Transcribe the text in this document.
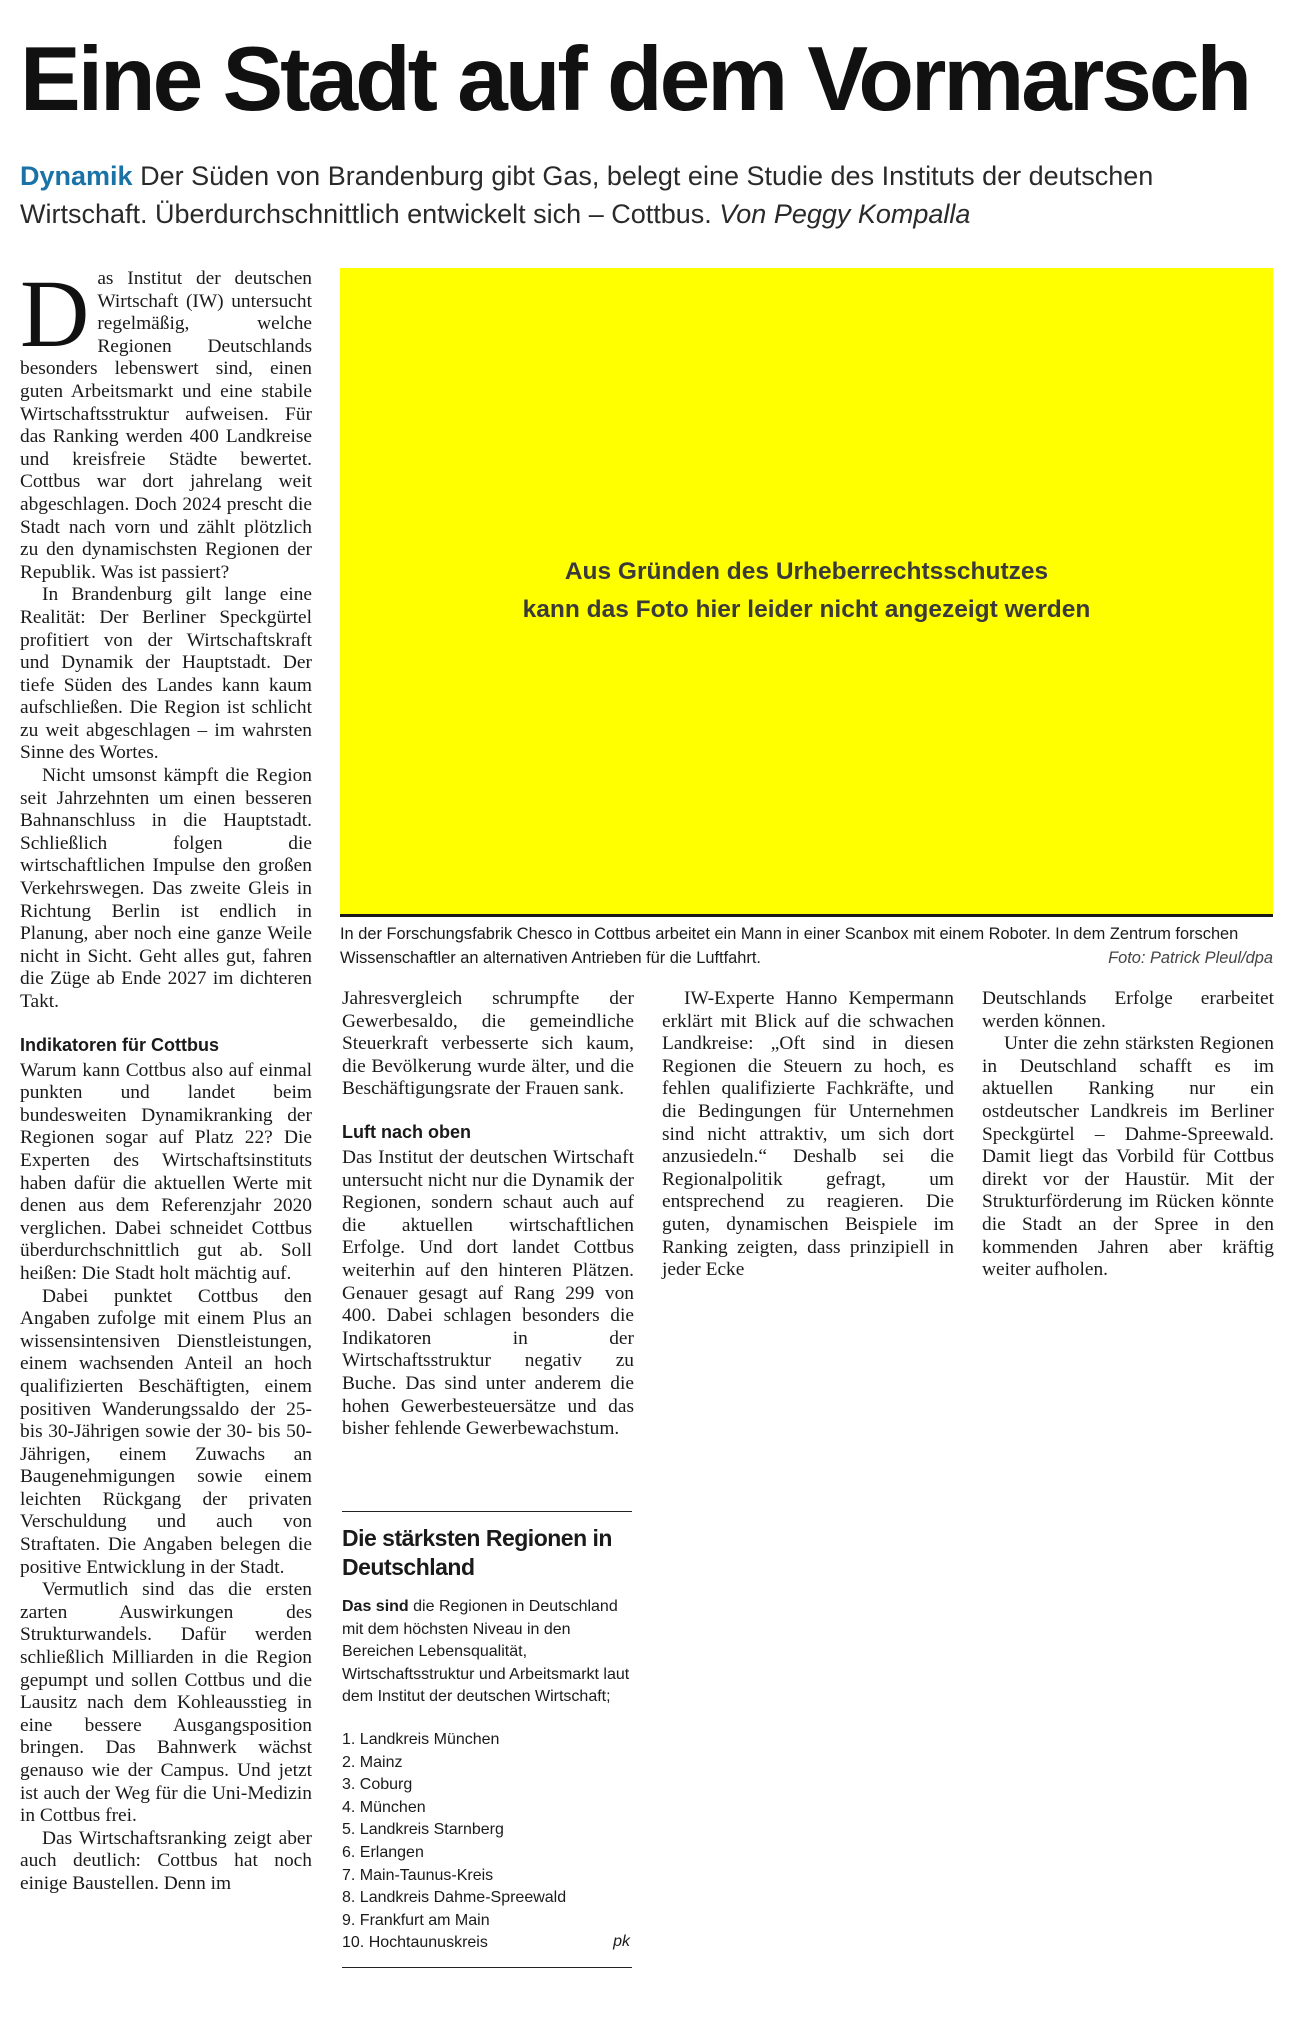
Eine Stadt auf dem Vormarsch
Dynamik Der Süden von Brandenburg gibt Gas, belegt eine Studie des Instituts der deutschen Wirtschaft. Überdurchschnittlich entwickelt sich – Cottbus. Von Peggy Kompalla

Das Institut der deutschen Wirtschaft (IW) untersucht regelmäßig, welche Regionen Deutschlands besonders lebenswert sind, einen guten Arbeitsmarkt und eine stabile Wirtschaftsstruktur aufweisen. Für das Ranking werden 400 Landkreise und kreisfreie Städte bewertet. Cottbus war dort jahrelang weit abgeschlagen. Doch 2024 prescht die Stadt nach vorn und zählt plötzlich zu den dynamischsten Regionen der Republik. Was ist passiert?

In Brandenburg gilt lange eine Realität: Der Berliner Speckgürtel profitiert von der Wirtschaftskraft und Dynamik der Hauptstadt. Der tiefe Süden des Landes kann kaum aufschließen. Die Region ist schlicht zu weit abgeschlagen – im wahrsten Sinne des Wortes.

Nicht umsonst kämpft die Region seit Jahrzehnten um einen besseren Bahnanschluss in die Hauptstadt. Schließlich folgen die wirtschaftlichen Impulse den großen Verkehrswegen. Das zweite Gleis in Richtung Berlin ist endlich in Planung, aber noch eine ganze Weile nicht in Sicht. Geht alles gut, fahren die Züge ab Ende 2027 im dichteren Takt.

Indikatoren für Cottbus

Warum kann Cottbus also auf einmal punkten und landet beim bundesweiten Dynamikranking der Regionen sogar auf Platz 22? Die Experten des Wirtschaftsinstituts haben dafür die aktuellen Werte mit denen aus dem Referenzjahr 2020 verglichen. Dabei schneidet Cottbus überdurchschnittlich gut ab. Soll heißen: Die Stadt holt mächtig auf.

Dabei punktet Cottbus den Angaben zufolge mit einem Plus an wissensintensiven Dienstleistungen, einem wachsenden Anteil an hoch qualifizierten Beschäftigten, einem positiven Wanderungssaldo der 25- bis 30-Jährigen sowie der 30- bis 50-Jährigen, einem Zuwachs an Baugenehmigungen sowie einem leichten Rückgang der privaten Verschuldung und auch von Straftaten. Die Angaben belegen die positive Entwicklung in der Stadt.

Vermutlich sind das die ersten zarten Auswirkungen des Strukturwandels. Dafür werden schließlich Milliarden in die Region gepumpt und sollen Cottbus und die Lausitz nach dem Kohleausstieg in eine bessere Ausgangsposition bringen. Das Bahnwerk wächst genauso wie der Campus. Und jetzt ist auch der Weg für die Uni-Medizin in Cottbus frei.

Das Wirtschaftsranking zeigt aber auch deutlich: Cottbus hat noch einige Baustellen. Denn im

Aus Gründen des Urheberrechtsschutzes
kann das Foto hier leider nicht angezeigt werden
In der Forschungsfabrik Chesco in Cottbus arbeitet ein Mann in einer Scanbox mit einem Roboter. In dem Zentrum forschen Wissenschaftler an alternativen Antrieben für die Luftfahrt.	Foto: Patrick Pleul/dpa

Jahresvergleich schrumpfte der Gewerbesaldo, die gemeindliche Steuerkraft verbesserte sich kaum, die Bevölkerung wurde älter, und die Beschäftigungsrate der Frauen sank.

Luft nach oben

Das Institut der deutschen Wirtschaft untersucht nicht nur die Dynamik der Regionen, sondern schaut auch auf die aktuellen wirtschaftlichen Erfolge. Und dort landet Cottbus weiterhin auf den hinteren Plätzen. Genauer gesagt auf Rang 299 von 400. Dabei schlagen besonders die Indikatoren in der Wirtschaftsstruktur negativ zu Buche. Das sind unter anderem die hohen Gewerbesteuersätze und das bisher fehlende Gewerbewachstum.

IW-Experte Hanno Kempermann erklärt mit Blick auf die schwachen Landkreise: „Oft sind in diesen Regionen die Steuern zu hoch, es fehlen qualifizierte Fachkräfte, und die Bedingungen für Unternehmen sind nicht attraktiv, um sich dort anzusiedeln.“ Deshalb sei die Regionalpolitik gefragt, um entsprechend zu reagieren. Die guten, dynamischen Beispiele im Ranking zeigten, dass prinzipiell in jeder Ecke

Deutschlands Erfolge erarbeitet werden können.

Unter die zehn stärksten Regionen in Deutschland schafft es im aktuellen Ranking nur ein ostdeutscher Landkreis im Berliner Speckgürtel – Dahme-Spreewald. Damit liegt das Vorbild für Cottbus direkt vor der Haustür. Mit der Strukturförderung im Rücken könnte die Stadt an der Spree in den kommenden Jahren aber kräftig weiter aufholen.

Die stärksten Regionen in Deutschland

Das sind die Regionen in Deutschland mit dem höchsten Niveau in den Bereichen Lebensqualität, Wirtschaftsstruktur und Arbeitsmarkt laut dem Institut der deutschen Wirtschaft;

1. Landkreis München
2. Mainz
3. Coburg
4. München
5. Landkreis Starnberg
6. Erlangen
7. Main-Taunus-Kreis
8. Landkreis Dahme-Spreewald
9. Frankfurt am Main
10. Hochtaunuskreis	pk
